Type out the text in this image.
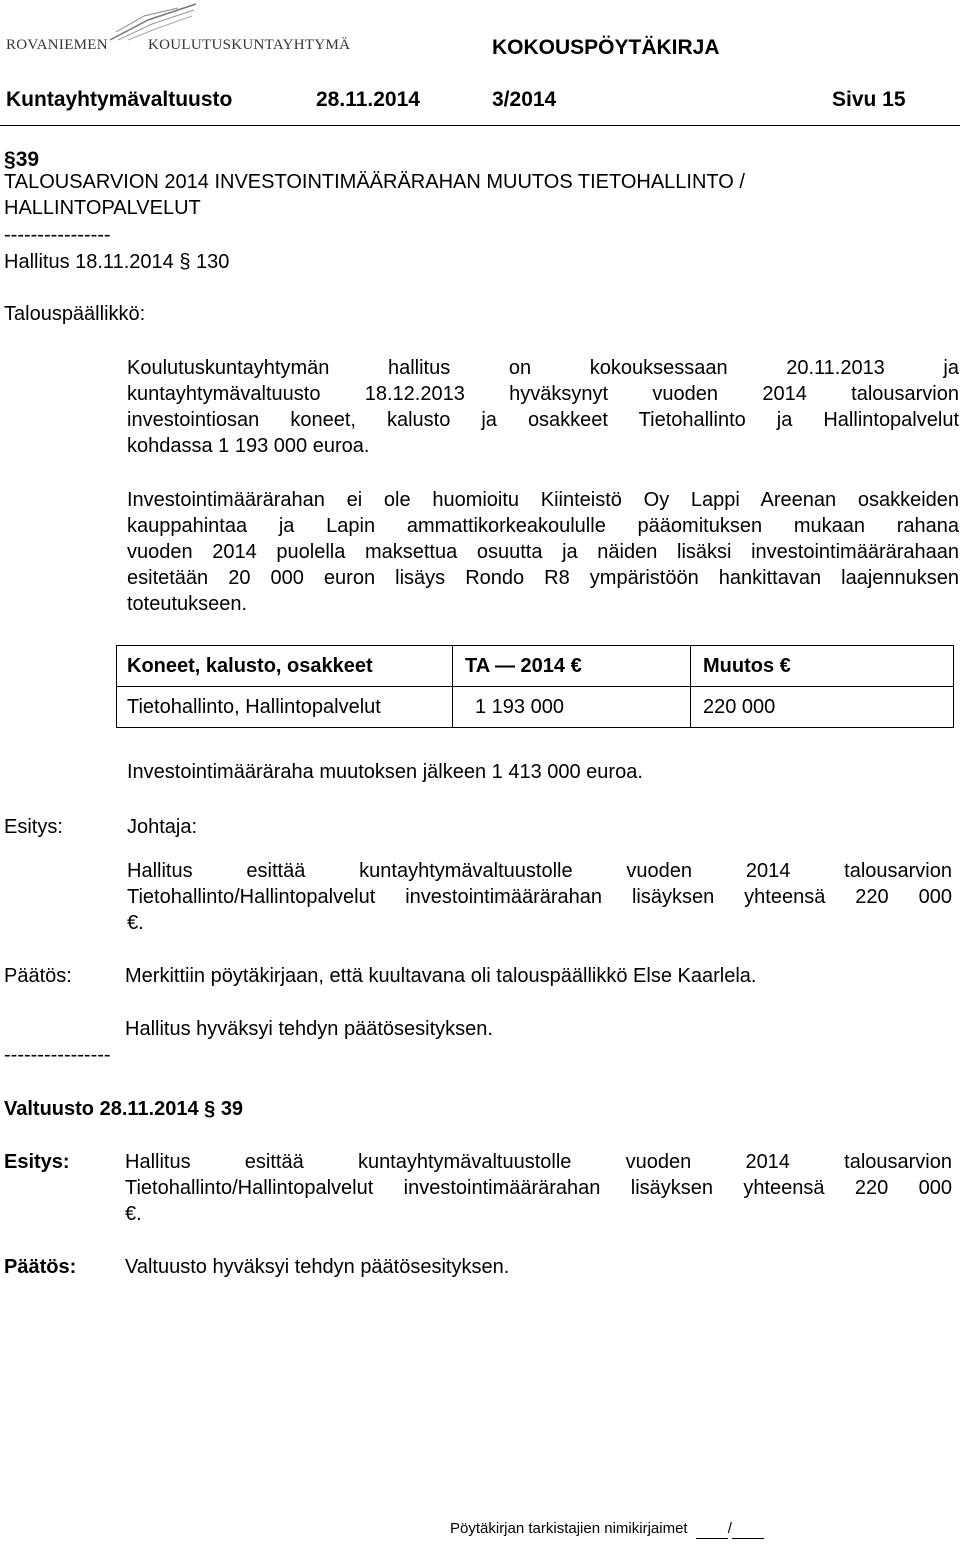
ROVANIEMEN	KOULUTUSKUNTAYHTYMÄ	KOKOUSPÖYTÄKIRJA
Kuntayhtymävaltuusto	28.11.2014	3/2014	Sivu 15
§39
TALOUSARVION 2014 INVESTOINTIMÄÄRÄRAHAN MUUTOS TIETOHALLINTO /
HALLINTOPALVELUT
----------------
Hallitus 18.11.2014 § 130
Talouspäällikkö:
Koulutuskuntayhtymän hallitus on kokouksessaan 20.11.2013 ja
kuntayhtymävaltuusto 18.12.2013 hyväksynyt vuoden 2014 talousarvion
investointiosan koneet, kalusto ja osakkeet Tietohallinto ja Hallintopalvelut
kohdassa 1 193 000 euroa.
Investointimäärärahan ei ole huomioitu Kiinteistö Oy Lappi Areenan osakkeiden
kauppahintaa ja Lapin ammattikorkeakoululle pääomituksen mukaan rahana
vuoden 2014 puolella maksettua osuutta ja näiden lisäksi investointimäärärahaan
esitetään 20 000 euron lisäys Rondo R8 ympäristöön hankittavan laajennuksen
toteutukseen.
Koneet, kalusto, osakkeet	TA — 2014 €	Muutos €
Tietohallinto, Hallintopalvelut	1 193 000	220 000
Investointimääräraha muutoksen jälkeen 1 413 000 euroa.
Esitys:	Johtaja:
Hallitus esittää kuntayhtymävaltuustolle vuoden 2014 talousarvion
Tietohallinto/Hallintopalvelut investointimäärärahan lisäyksen yhteensä 220 000
€.
Päätös:	Merkittiin pöytäkirjaan, että kuultavana oli talouspäällikkö Else Kaarlela.
Hallitus hyväksyi tehdyn päätösesityksen.
----------------
Valtuusto 28.11.2014 § 39
Esitys:	Hallitus esittää kuntayhtymävaltuustolle vuoden 2014 talousarvion
Tietohallinto/Hallintopalvelut investointimäärärahan lisäyksen yhteensä 220 000
€.
Päätös: Valtuusto hyväksyi tehdyn päätösesityksen.
Pöytäkirjan tarkistajien nimikirjaimet	/
